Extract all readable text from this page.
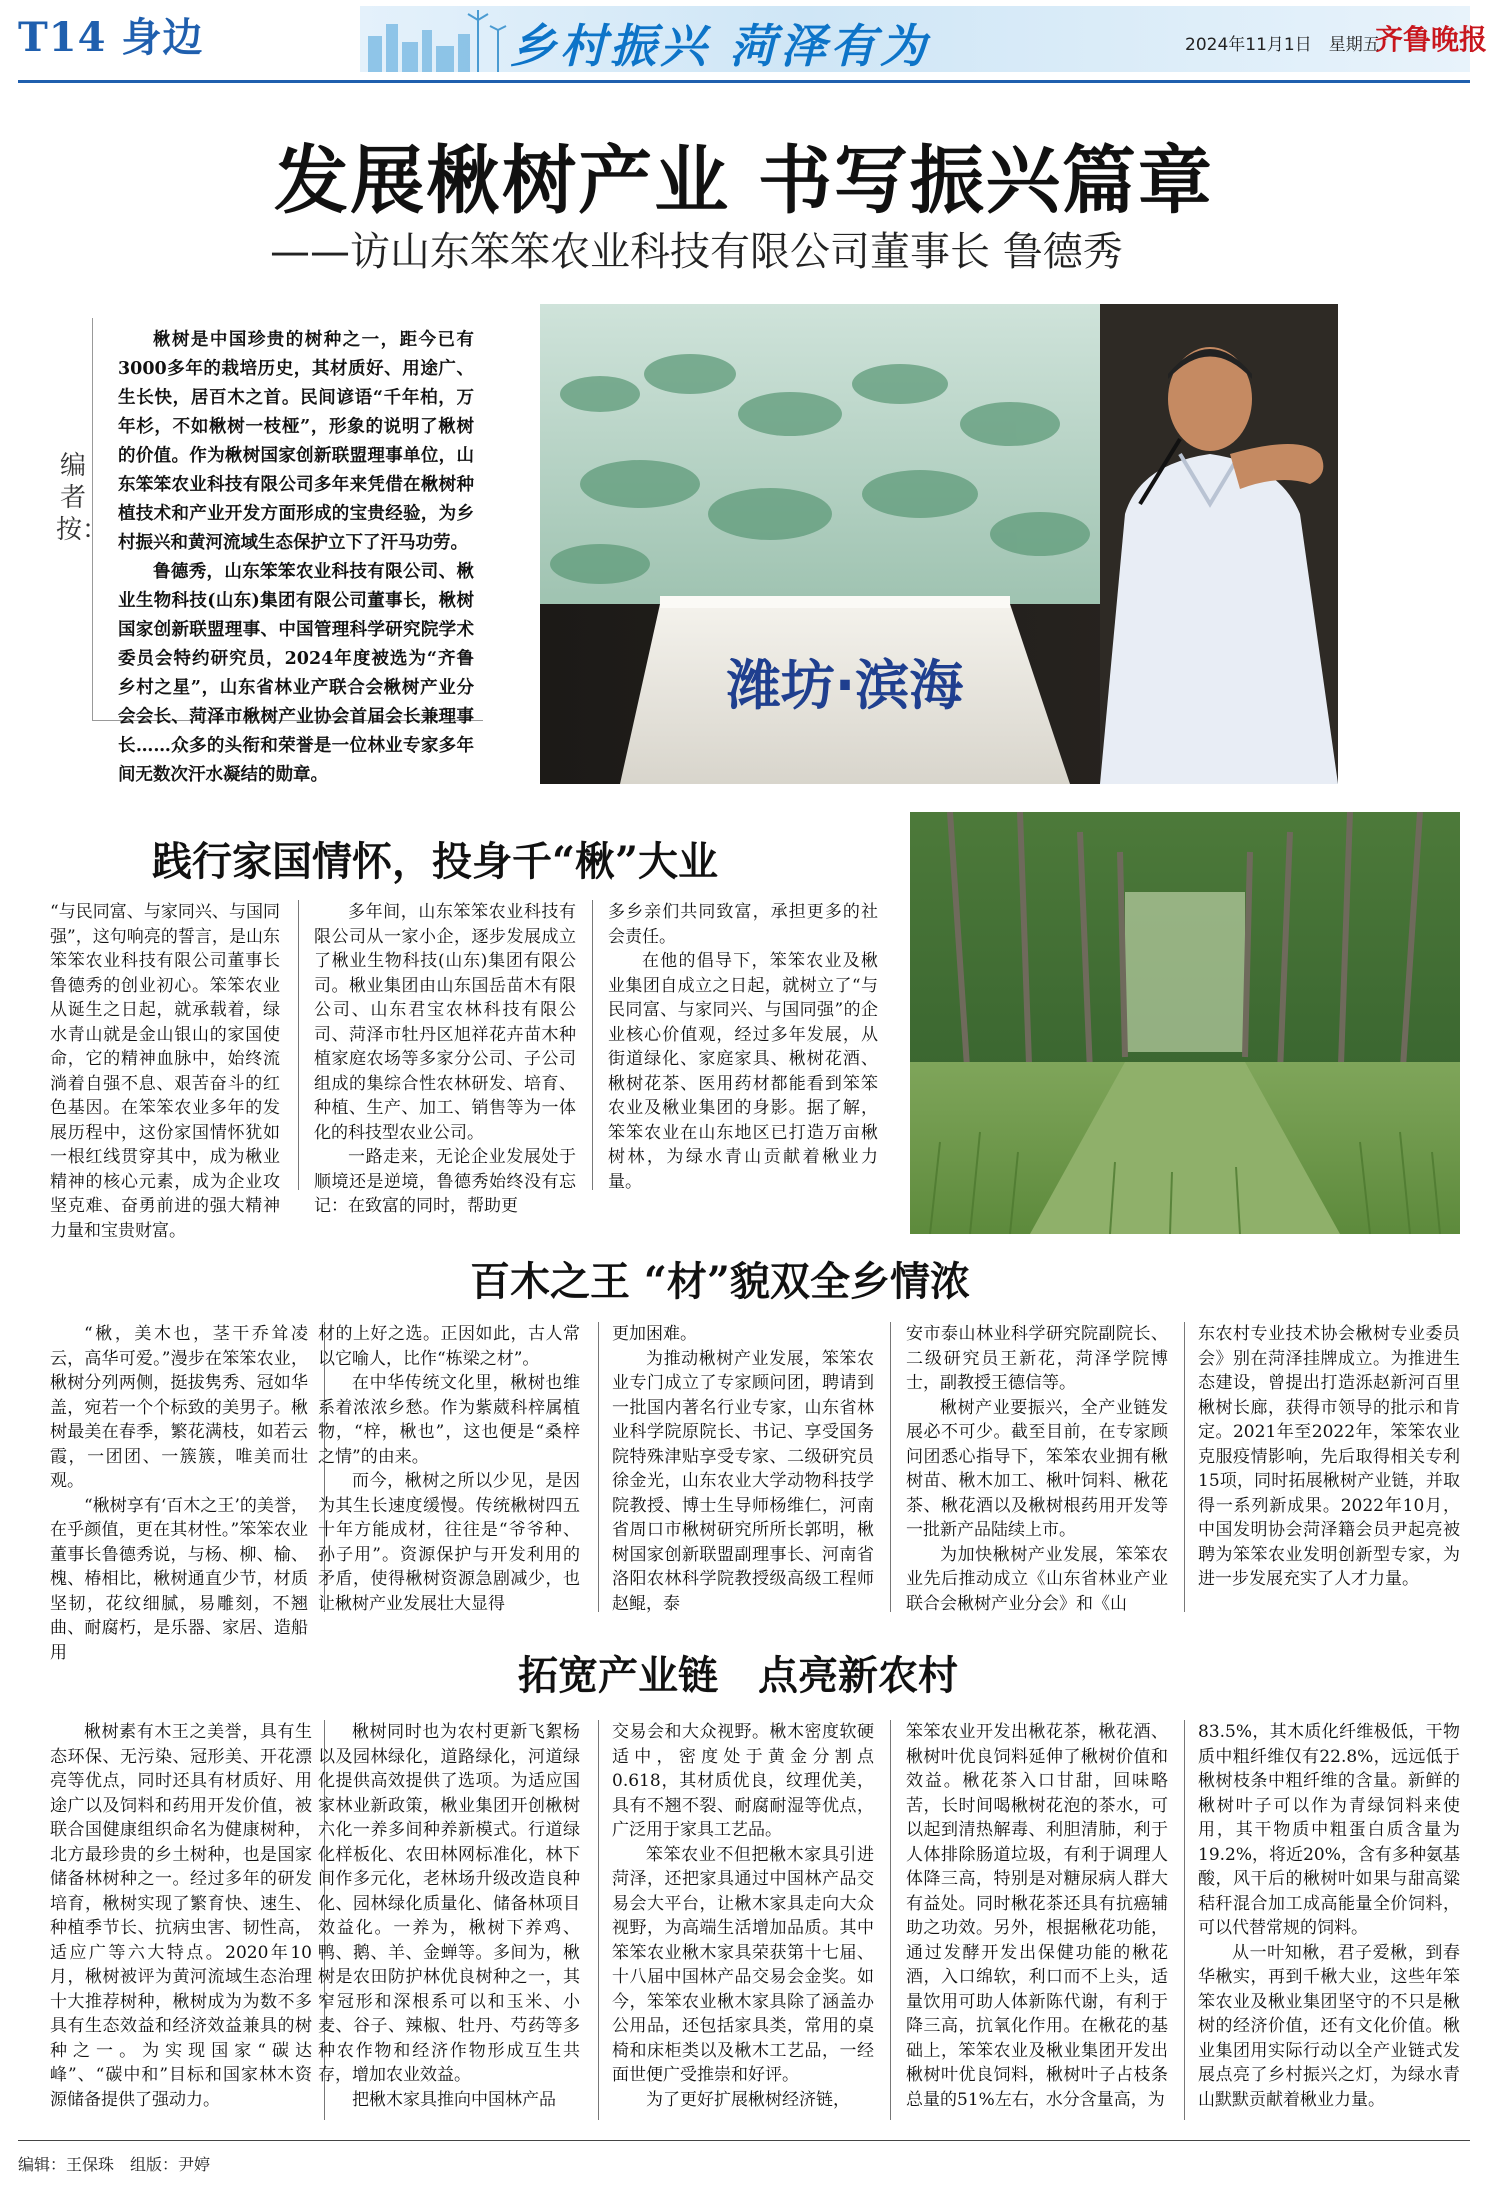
T14 身边	乡村振兴 菏泽有为	2024年11月1日　星期五
齐鲁晚报
发展楸树产业 书写振兴篇章
——访山东笨笨农业科技有限公司董事长 鲁德秀
编者按：

楸树是中国珍贵的树种之一，距今已有3000多年的栽培历史，其材质好、用途广、生长快，居百木之首。民间谚语“千年柏，万年杉，不如楸树一枝桠”，形象的说明了楸树的价值。作为楸树国家创新联盟理事单位，山东笨笨农业科技有限公司多年来凭借在楸树种植技术和产业开发方面形成的宝贵经验，为乡村振兴和黄河流域生态保护立下了汗马功劳。

鲁德秀，山东笨笨农业科技有限公司、楸业生物科技(山东)集团有限公司董事长，楸树国家创新联盟理事、中国管理科学研究院学术委员会特约研究员，2024年度被选为“齐鲁乡村之星”，山东省林业产联合会楸树产业分会会长、菏泽市楸树产业协会首届会长兼理事长……众多的头衔和荣誉是一位林业专家多年间无数次汗水凝结的勋章。

潍坊·滨海
践行家国情怀，投身千“楸”大业

“与民同富、与家同兴、与国同强”，这句响亮的誓言，是山东笨笨农业科技有限公司董事长鲁德秀的创业初心。笨笨农业从诞生之日起，就承载着，绿水青山就是金山银山的家国使命，它的精神血脉中，始终流淌着自强不息、艰苦奋斗的红色基因。在笨笨农业多年的发展历程中，这份家国情怀犹如一根红线贯穿其中，成为楸业精神的核心元素，成为企业攻坚克难、奋勇前进的强大精神力量和宝贵财富。

多年间，山东笨笨农业科技有限公司从一家小企，逐步发展成立了楸业生物科技(山东)集团有限公司。楸业集团由山东国岳苗木有限公司、山东君宝农林科技有限公司、菏泽市牡丹区旭祥花卉苗木种植家庭农场等多家分公司、子公司组成的集综合性农林研发、培育、种植、生产、加工、销售等为一体化的科技型农业公司。

一路走来，无论企业发展处于顺境还是逆境，鲁德秀始终没有忘记：在致富的同时，帮助更

多乡亲们共同致富，承担更多的社会责任。

在他的倡导下，笨笨农业及楸业集团自成立之日起，就树立了“与民同富、与家同兴、与国同强”的企业核心价值观，经过多年发展，从街道绿化、家庭家具、楸树花酒、楸树花茶、医用药材都能看到笨笨农业及楸业集团的身影。据了解，笨笨农业在山东地区已打造万亩楸树林，为绿水青山贡献着楸业力量。

百木之王 “材”貌双全乡情浓

“楸，美木也，茎干乔耸凌云，高华可爱。”漫步在笨笨农业，楸树分列两侧，挺拔隽秀、冠如华盖，宛若一个个标致的美男子。楸树最美在春季，繁花满枝，如若云霞，一团团、一簇簇，唯美而壮观。

“楸树享有‘百木之王’的美誉，在乎颜值，更在其材性。”笨笨农业董事长鲁德秀说，与杨、柳、榆、槐、椿相比，楸树通直少节，材质坚韧，花纹细腻，易雕刻，不翘曲、耐腐朽，是乐器、家居、造船用

材的上好之选。正因如此，古人常以它喻人，比作“栋梁之材”。

在中华传统文化里，楸树也维系着浓浓乡愁。作为紫葳科梓属植物，“梓，楸也”，这也便是“桑梓之情”的由来。

而今，楸树之所以少见，是因为其生长速度缓慢。传统楸树四五十年方能成材，往往是“爷爷种、孙子用”。资源保护与开发利用的矛盾，使得楸树资源急剧减少，也让楸树产业发展壮大显得

更加困难。

为推动楸树产业发展，笨笨农业专门成立了专家顾问团，聘请到一批国内著名行业专家，山东省林业科学院原院长、书记、享受国务院特殊津贴享受专家、二级研究员徐金光，山东农业大学动物科技学院教授、博士生导师杨维仁，河南省周口市楸树研究所所长郭明，楸树国家创新联盟副理事长、河南省洛阳农林科学院教授级高级工程师赵鲲，泰

安市泰山林业科学研究院副院长、二级研究员王新花，菏泽学院博士，副教授王德信等。

楸树产业要振兴，全产业链发展必不可少。截至目前，在专家顾问团悉心指导下，笨笨农业拥有楸树苗、楸木加工、楸叶饲料、楸花茶、楸花酒以及楸树根药用开发等一批新产品陆续上市。

为加快楸树产业发展，笨笨农业先后推动成立《山东省林业产业联合会楸树产业分会》和《山

东农村专业技术协会楸树专业委员会》别在菏泽挂牌成立。为推进生态建设，曾提出打造泺赵新河百里楸树长廊，获得市领导的批示和肯定。2021年至2022年，笨笨农业克服疫情影响，先后取得相关专利15项，同时拓展楸树产业链，并取得一系列新成果。2022年10月，中国发明协会菏泽籍会员尹起亮被聘为笨笨农业发明创新型专家，为进一步发展充实了人才力量。

拓宽产业链　点亮新农村

楸树素有木王之美誉，具有生态环保、无污染、冠形美、开花漂亮等优点，同时还具有材质好、用途广以及饲料和药用开发价值，被联合国健康组织命名为健康树种，北方最珍贵的乡土树种，也是国家储备林树种之一。经过多年的研发培育，楸树实现了繁育快、速生、种植季节长、抗病虫害、韧性高，适应广等六大特点。2020年10月，楸树被评为黄河流域生态治理十大推荐树种，楸树成为为数不多具有生态效益和经济效益兼具的树种之一。为实现国家“碳达峰”、“碳中和”目标和国家林木资源储备提供了强动力。

楸树同时也为农村更新飞絮杨以及园林绿化，道路绿化，河道绿化提供高效提供了选项。为适应国家林业新政策，楸业集团开创楸树六化一养多间种养新模式。行道绿化样板化、农田林网标准化，林下间作多元化，老林场升级改造良种化、园林绿化质量化、储备林项目效益化。一养为，楸树下养鸡、鸭、鹅、羊、金蝉等。多间为，楸树是农田防护林优良树种之一，其窄冠形和深根系可以和玉米、小麦、谷子、辣椒、牡丹、芍药等多种农作物和经济作物形成互生共存，增加农业效益。

把楸木家具推向中国林产品

交易会和大众视野。楸木密度软硬适中，密度处于黄金分割点0.618，其材质优良，纹理优美，具有不翘不裂、耐腐耐湿等优点，广泛用于家具工艺品。

笨笨农业不但把楸木家具引进菏泽，还把家具通过中国林产品交易会大平台，让楸木家具走向大众视野，为高端生活增加品质。其中笨笨农业楸木家具荣获第十七届、十八届中国林产品交易会金奖。如今，笨笨农业楸木家具除了涵盖办公用品，还包括家具类，常用的桌椅和床柜类以及楸木工艺品，一经面世便广受推崇和好评。

为了更好扩展楸树经济链，

笨笨农业开发出楸花茶，楸花酒、楸树叶优良饲料延伸了楸树价值和效益。楸花茶入口甘甜，回味略苦，长时间喝楸树花泡的茶水，可以起到清热解毒、利胆清肺，利于人体排除肠道垃圾，有利于调理人体降三高，特别是对糖尿病人群大有益处。同时楸花茶还具有抗癌辅助之功效。另外，根据楸花功能，通过发酵开发出保健功能的楸花酒，入口绵软，利口而不上头，适量饮用可助人体新陈代谢，有利于降三高，抗氧化作用。在楸花的基础上，笨笨农业及楸业集团开发出楸树叶优良饲料，楸树叶子占枝条总量的51%左右，水分含量高，为

83.5%，其木质化纤维极低，干物质中粗纤维仅有22.8%，远远低于楸树枝条中粗纤维的含量。新鲜的楸树叶子可以作为青绿饲料来使用，其干物质中粗蛋白质含量为19.2%，将近20%，含有多种氨基酸，风干后的楸树叶如果与甜高粱秸秆混合加工成高能量全价饲料，可以代替常规的饲料。

从一叶知楸，君子爱楸，到春华楸实，再到千楸大业，这些年笨笨农业及楸业集团坚守的不只是楸树的经济价值，还有文化价值。楸业集团用实际行动以全产业链式发展点亮了乡村振兴之灯，为绿水青山默默贡献着楸业力量。

编辑：王保珠　组版：尹婷
